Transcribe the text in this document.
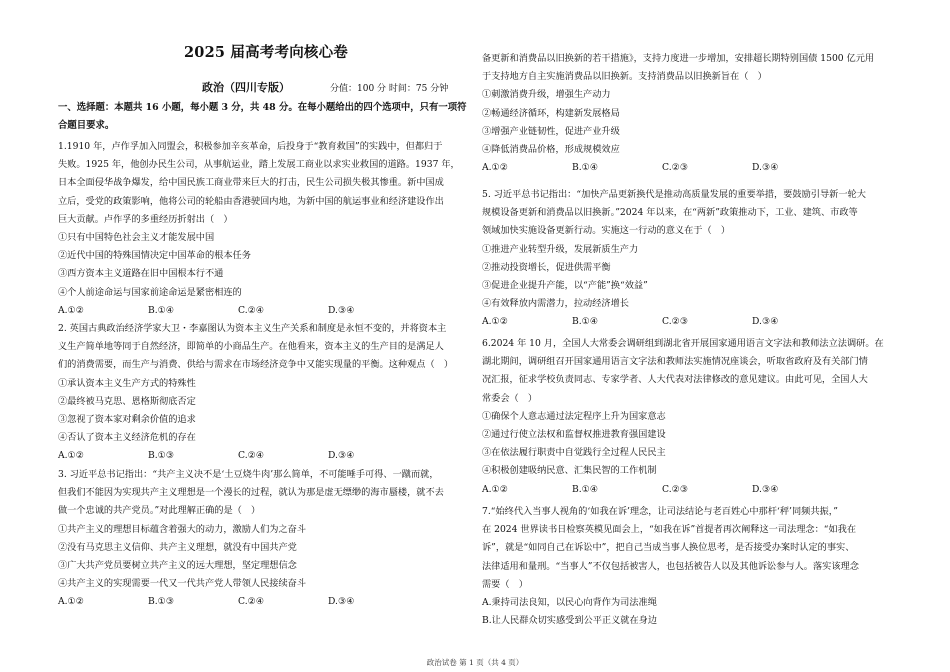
2025 届高考考向核心卷
政治（四川专版）	分值：100 分 时间：75 分钟
一、选择题：本题共 16 小题，每小题 3 分，共 48 分。在每小题给出的四个选项中，只有一项符
合题目要求。
1.1910 年，卢作孚加入同盟会，积极参加辛亥革命，后投身于“教育救国”的实践中，但都归于
失败。1925 年，他创办民生公司，从事航运业，踏上发展工商业以求实业救国的道路。1937 年，
日本全面侵华战争爆发，给中国民族工商业带来巨大的打击，民生公司损失极其惨重。新中国成
立后，受党的政策影响，他将公司的轮船由香港驶回内地，为新中国的航运事业和经济建设作出
巨大贡献。卢作孚的多重经历折射出（　）
①只有中国特色社会主义才能发展中国
②近代中国的特殊国情决定中国革命的根本任务
③西方资本主义道路在旧中国根本行不通
④个人前途命运与国家前途命运是紧密相连的
A.①②	B.①④	C.②④	D.③④
2. 英国古典政治经济学家大卫・李嘉图认为资本主义生产关系和制度是永恒不变的，并将资本主
义生产简单地等同于自然经济，即简单的小商品生产。在他看来，资本主义的生产目的是满足人
们的消费需要，而生产与消费、供给与需求在市场经济竞争中又能实现量的平衡。这种观点（　）
①承认资本主义生产方式的特殊性
②最终被马克思、恩格斯彻底否定
③忽视了资本家对剩余价值的追求
④否认了资本主义经济危机的存在
A.①②	B.①③	C.②④	D.③④
3. 习近平总书记指出：“共产主义决不是‘土豆烧牛肉’那么简单，不可能唾手可得、一蹴而就，
但我们不能因为实现共产主义理想是一个漫长的过程，就认为那是虚无缥缈的海市蜃楼，就不去
做一个忠诚的共产党员。”对此理解正确的是（　）
①共产主义的理想目标蕴含着强大的动力，激励人们为之奋斗
②没有马克思主义信仰、共产主义理想，就没有中国共产党
③广大共产党员要树立共产主义的远大理想，坚定理想信念
④共产主义的实现需要一代又一代共产党人带领人民接续奋斗
A.①②	B.①③	C.②④	D.③④
备更新和消费品以旧换新的若干措施》，支持力度进一步增加，安排超长期特别国债 1500 亿元用
于支持地方自主实施消费品以旧换新。支持消费品以旧换新旨在（　）
①刺激消费升级，增强生产动力
②畅通经济循环，构建新发展格局
③增强产业链韧性，促进产业升级
④降低消费品价格，形成规模效应
A.①②	B.①④	C.②③	D.③④
5. 习近平总书记指出：“加快产品更新换代是推动高质量发展的重要举措，要鼓励引导新一轮大
规模设备更新和消费品以旧换新。”2024 年以来，在“两新”政策推动下，工业、建筑、市政等
领域加快实施设备更新行动。实施这一行动的意义在于（　）
①推进产业转型升级，发展新质生产力
②推动投资增长，促进供需平衡
③促进企业提升产能，以“产能”换“效益”
④有效释放内需潜力，拉动经济增长
A.①②	B.①④	C.②③	D.③④
6.2024 年 10 月，全国人大常委会调研组到湖北省开展国家通用语言文字法和教师法立法调研。在
湖北期间，调研组召开国家通用语言文字法和教师法实施情况座谈会，听取省政府及有关部门情
况汇报，征求学校负责同志、专家学者、人大代表对法律修改的意见建议。由此可见，全国人大
常委会（　）
①确保个人意志通过法定程序上升为国家意志
②通过行使立法权和监督权推进教育强国建设
③在依法履行职责中自觉践行全过程人民民主
④积极创建吸纳民意、汇集民智的工作机制
A.①②	B.①④	C.②③	D.③④
7.“始终代入当事人视角的‘如我在诉’理念，让司法结论与老百姓心中那杆‘秤’同频共振，”
在 2024 世界读书日检察英模见面会上，“如我在诉”首提者再次阐释这一司法理念：“如我在
诉”，就是“如同自己在诉讼中”，把自己当成当事人换位思考，是否接受办案时认定的事实、
法律适用和量刑。“当事人”不仅包括被害人，也包括被告人以及其他诉讼参与人。落实该理念
需要（　）
A.秉持司法良知，以民心向背作为司法准绳
B.让人民群众切实感受到公平正义就在身边
政治试卷 第 1 页（共 4 页）
